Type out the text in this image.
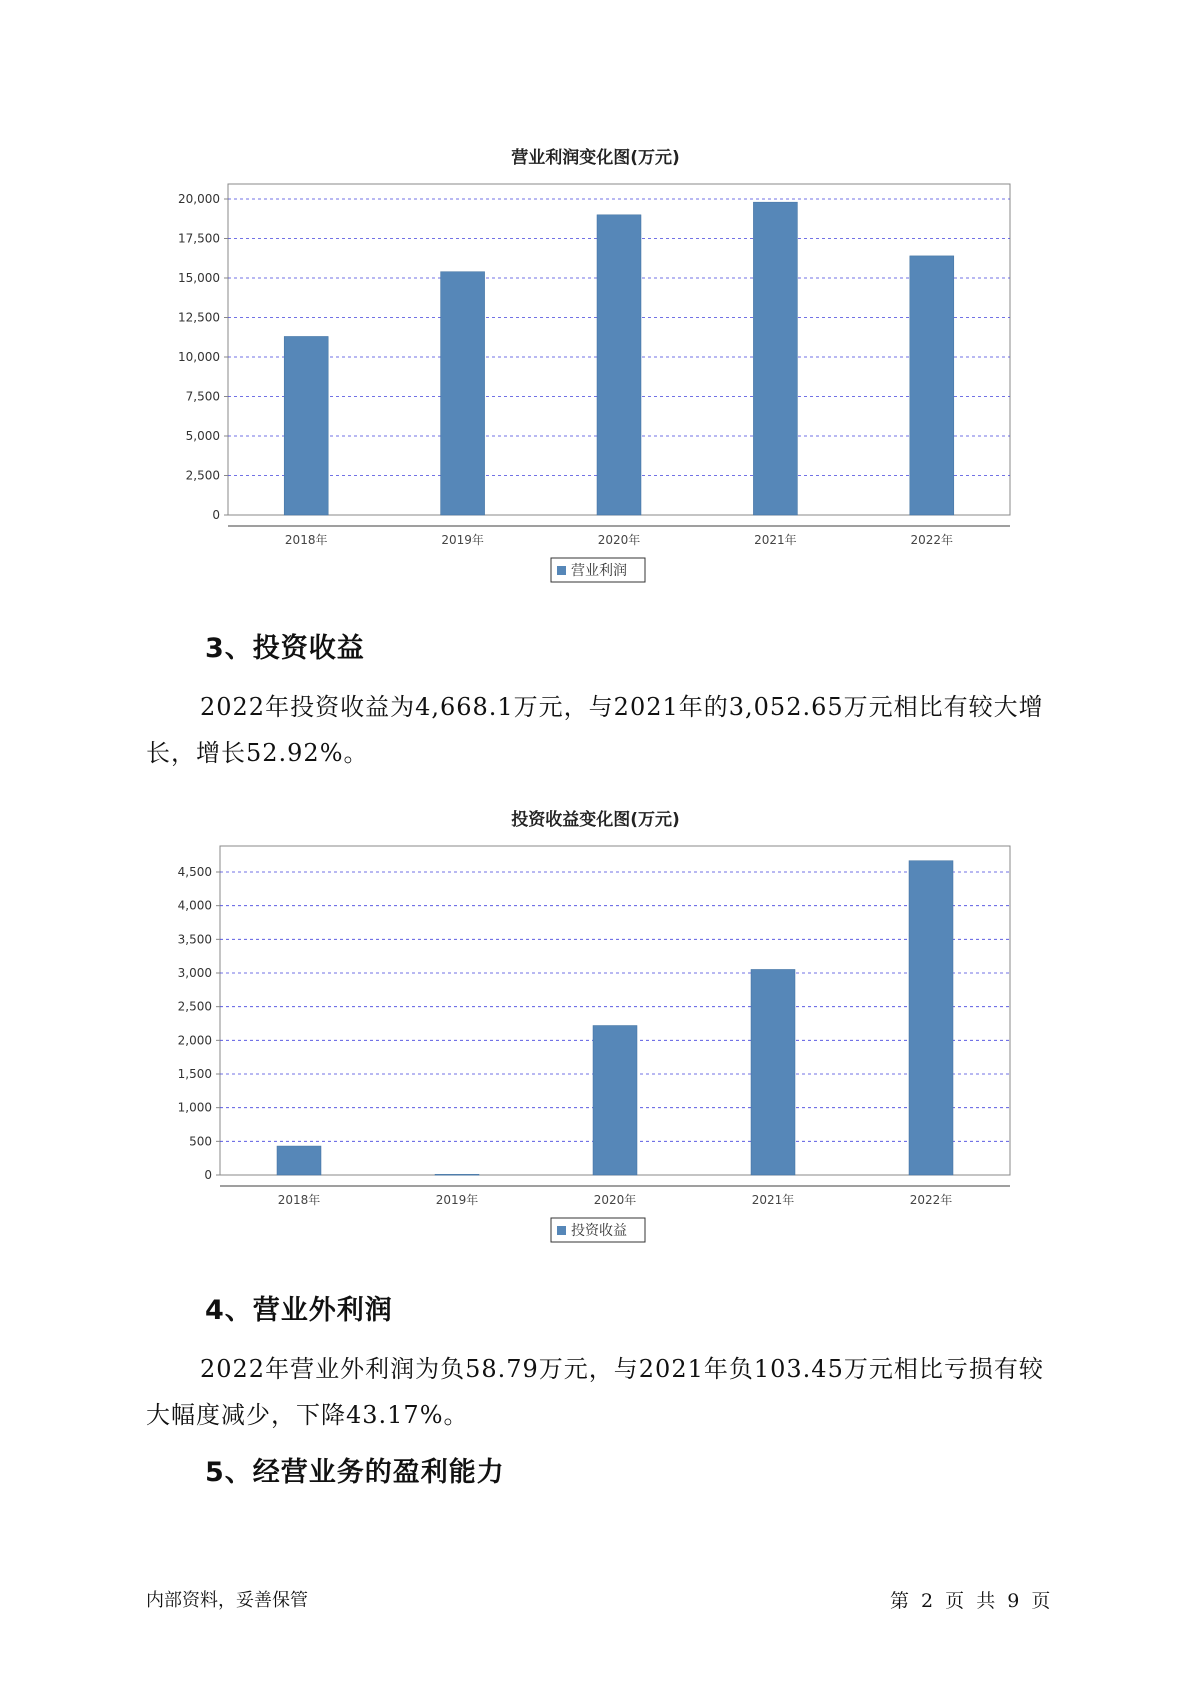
营业利润变化图(万元)
0
2,500
5,000
7,500
10,000
12,500
15,000
17,500
20,000
2018年	2019年	2020年	2021年	2022年
营业利润
3、投资收益

2022年投资收益为4,668.1万元，与2021年的3,052.65万元相比有较大增长，增长52.92%。

投资收益变化图(万元)
0
500
1,000
1,500
2,000
2,500
3,000
3,500
4,000
4,500
2018年	2019年	2020年	2021年	2022年
投资收益
4、营业外利润

2022年营业外利润为负58.79万元，与2021年负103.45万元相比亏损有较大幅度减少，下降43.17%。

5、经营业务的盈利能力
内部资料，妥善保管	第 2 页 共 9 页
